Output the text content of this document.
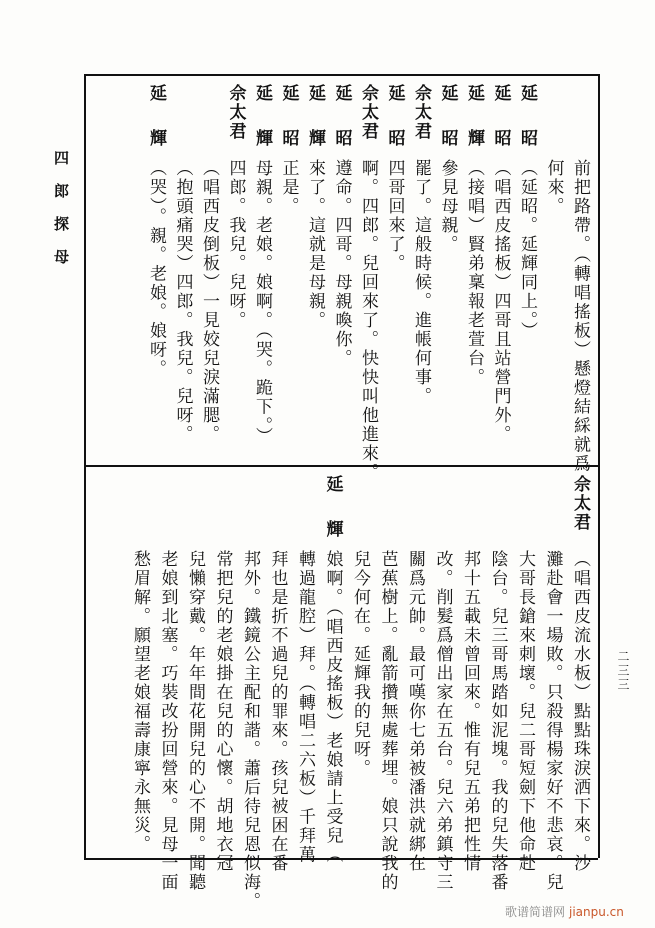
四郎探母
二三三
前把路帶。（轉唱搖板）懸燈結綵就爲
何來。
延昭（延昭。延輝同上。）
延昭（唱西皮搖板）四哥且站營門外。
延輝（接唱）賢弟稟報老萱台。
延昭參見母親。
佘太君罷了。這般時候。進帳何事。
延昭四哥回來了。
佘太君啊。四郎。兒回來了。快快叫他進來。
延昭遵命。四哥。母親喚你。
延輝來了。這就是母親。
延昭正是。
延輝母親。老娘。娘啊。（哭。跪下。）
佘太君四郎。我兒。兒呀。
（唱西皮倒板）一見姣兒淚滿腮。
（抱頭痛哭）四郎。我兒。兒呀。
延輝（哭）。親。老娘。娘呀。
佘太君（唱西皮流水板）點點珠淚洒下來。沙
灘赴會一場敗。只殺得楊家好不悲哀。兒
大哥長鎗來刺壞。兒二哥短劍下他命赴
陰台。兒三哥馬踏如泥塊。我的兒失落番
邦十五載未曾回來。惟有兒五弟把性情
改。削髮爲僧出家在五台。兒六弟鎮守三
關爲元帥。最可嘆你七弟被潘洪就綁在
芭蕉樹上。亂箭攢無處葬埋。娘只說我的
兒今何在。延輝我的兒呀。
延輝娘啊。（唱西皮搖板）老娘請上受兒（
轉過龍腔）拜。（轉唱二六板）千拜萬
拜也是折不過兒的罪來。孩兒被困在番
邦外。鐵鏡公主配和諧。蕭后待兒恩似海。
常把兒的老娘掛在兒的心懷。胡地衣冠
兒懶穿戴。年年間花開兒的心不開。聞聽
老娘到北塞。巧裝改扮回營來。見母一面
愁眉解。願望老娘福壽康寧永無災。
歌谱简谱网 jianpu.cn
